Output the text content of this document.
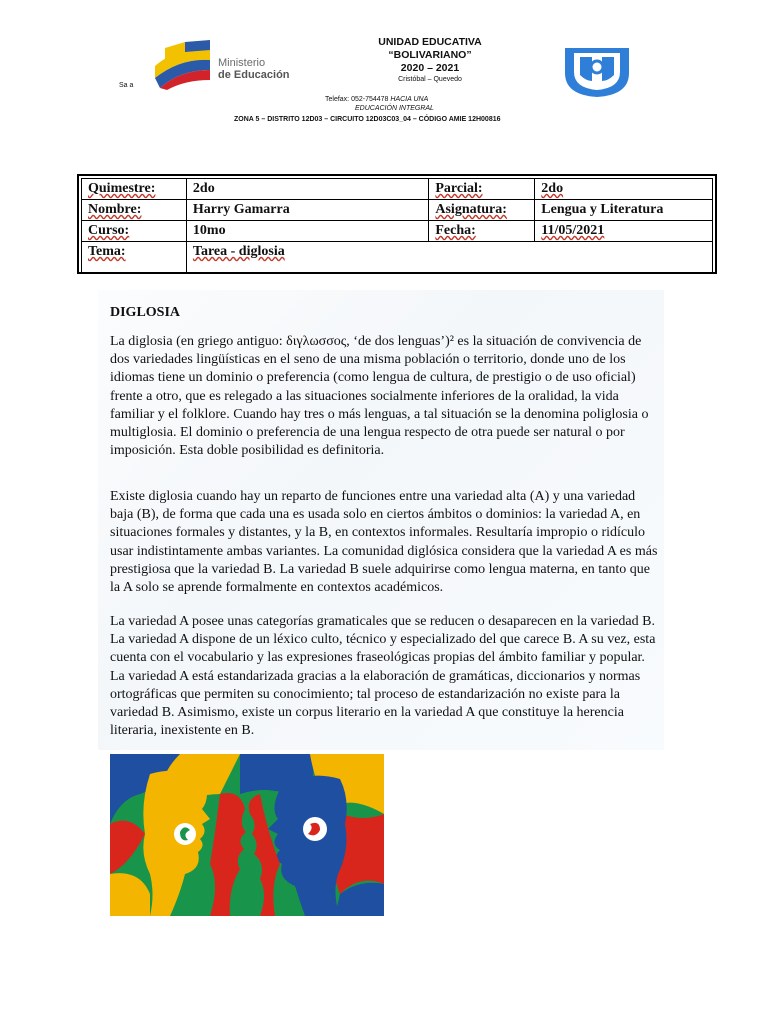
Ministerio
de Educación
Sa a
UNIDAD EDUCATIVA
“BOLIVARIANO”
2020 – 2021
Cristóbal – Quevedo
Telefax: 052-754478 HACIA UNA
EDUCACIÓN INTEGRAL
ZONA 5 – DISTRITO 12D03 – CIRCUITO 12D03C03_04 – CÓDIGO AMIE 12H00816
Quimestre:	2do	Parcial:	2do
Nombre:	Harry Gamarra	Asignatura:	Lengua y Literatura
Curso:	10mo	Fecha:	11/05/2021
Tema:	Tarea - diglosia		
DIGLOSIA

La diglosia (en griego antiguo: διγλωσσος, ‘de dos lenguas’)² es la situación de convivencia de dos variedades lingüísticas en el seno de una misma población o territorio, donde uno de los idiomas tiene un dominio o preferencia (como lengua de cultura, de prestigio o de uso oficial) frente a otro, que es relegado a las situaciones socialmente inferiores de la oralidad, la vida familiar y el folklore. Cuando hay tres o más lenguas, a tal situación se la denomina poliglosia o multiglosia. El dominio o preferencia de una lengua respecto de otra puede ser natural o por imposición. Esta doble posibilidad es definitoria.

Existe diglosia cuando hay un reparto de funciones entre una variedad alta (A) y una variedad baja (B), de forma que cada una es usada solo en ciertos ámbitos o dominios: la variedad A, en situaciones formales y distantes, y la B, en contextos informales. Resultaría impropio o ridículo usar indistintamente ambas variantes. La comunidad diglósica considera que la variedad A es más prestigiosa que la variedad B. La variedad B suele adquirirse como lengua materna, en tanto que la A solo se aprende formalmente en contextos académicos.

La variedad A posee unas categorías gramaticales que se reducen o desaparecen en la variedad B. La variedad A dispone de un léxico culto, técnico y especializado del que carece B. A su vez, esta cuenta con el vocabulario y las expresiones fraseológicas propias del ámbito familiar y popular. La variedad A está estandarizada gracias a la elaboración de gramáticas, diccionarios y normas ortográficas que permiten su conocimiento; tal proceso de estandarización no existe para la variedad B. Asimismo, existe un corpus literario en la variedad A que constituye la herencia literaria, inexistente en B.
